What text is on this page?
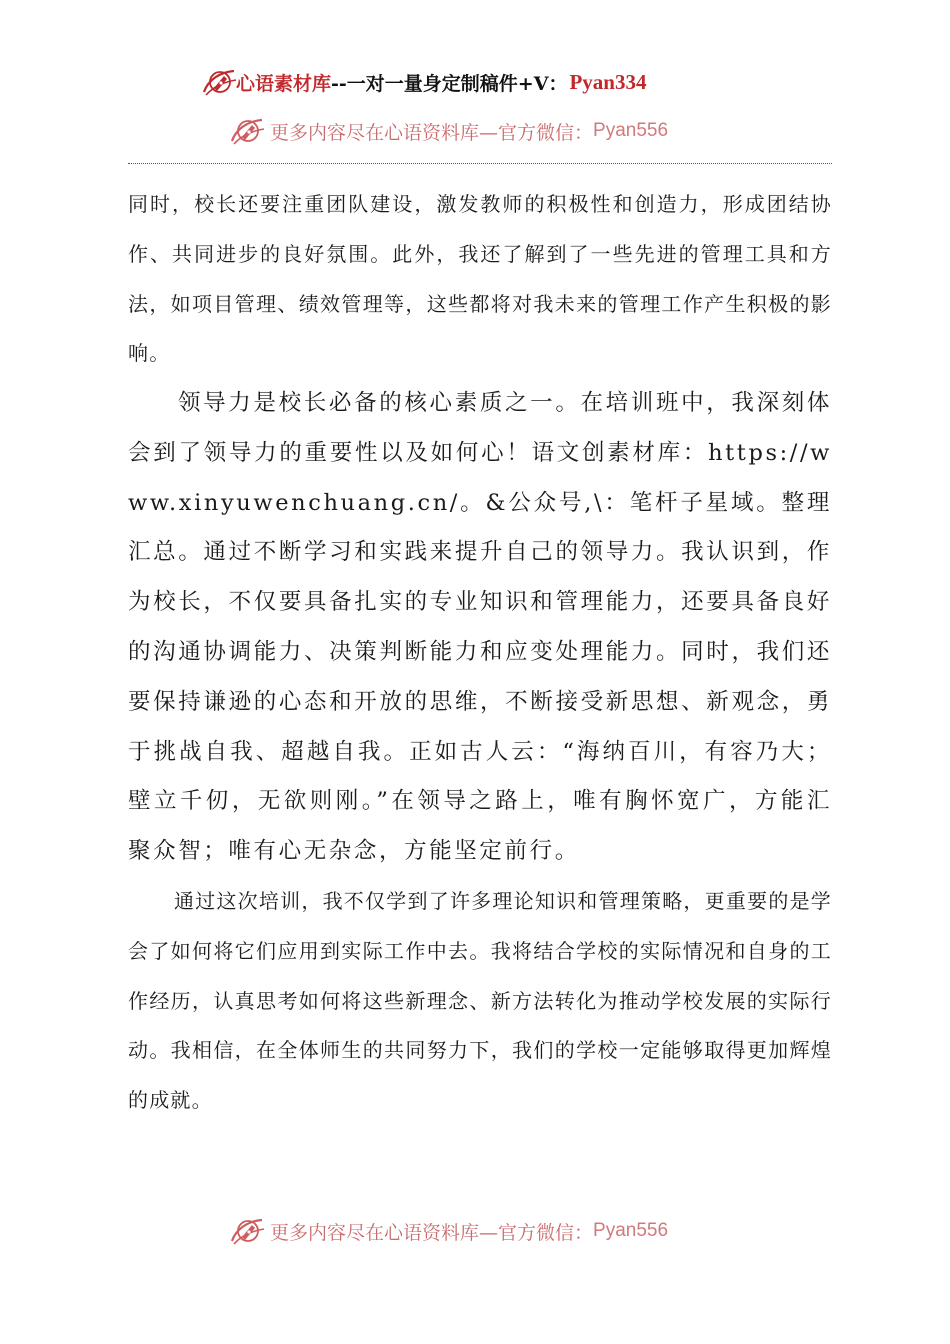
心语素材库 --一对一量身定制稿件+V： Pyan334
更多内容尽在心语资料库—官方微信： Pyan556

同时，校长还要注重团队建设，激发教师的积极性和创造力，形成团结协作、共同进步的良好氛围。此外，我还了解到了一些先进的管理工具和方法，如项目管理、绩效管理等，这些都将对我未来的管理工作产生积极的影响。

领导力是校长必备的核心素质之一。在培训班中，我深刻体会到了领导力的重要性以及如何心！语文创素材库：https://www.xinyuwenchuang.cn/。&公众号,\：笔杆子星域。整理汇总。通过不断学习和实践来提升自己的领导力。我认识到，作为校长，不仅要具备扎实的专业知识和管理能力，还要具备良好的沟通协调能力、决策判断能力和应变处理能力。同时，我们还要保持谦逊的心态和开放的思维，不断接受新思想、新观念，勇于挑战自我、超越自我。正如古人云：“海纳百川，有容乃大；壁立千仞，无欲则刚。”在领导之路上，唯有胸怀宽广，方能汇聚众智；唯有心无杂念，方能坚定前行。

通过这次培训，我不仅学到了许多理论知识和管理策略，更重要的是学会了如何将它们应用到实际工作中去。我将结合学校的实际情况和自身的工作经历，认真思考如何将这些新理念、新方法转化为推动学校发展的实际行动。我相信，在全体师生的共同努力下，我们的学校一定能够取得更加辉煌的成就。

更多内容尽在心语资料库—官方微信： Pyan556
